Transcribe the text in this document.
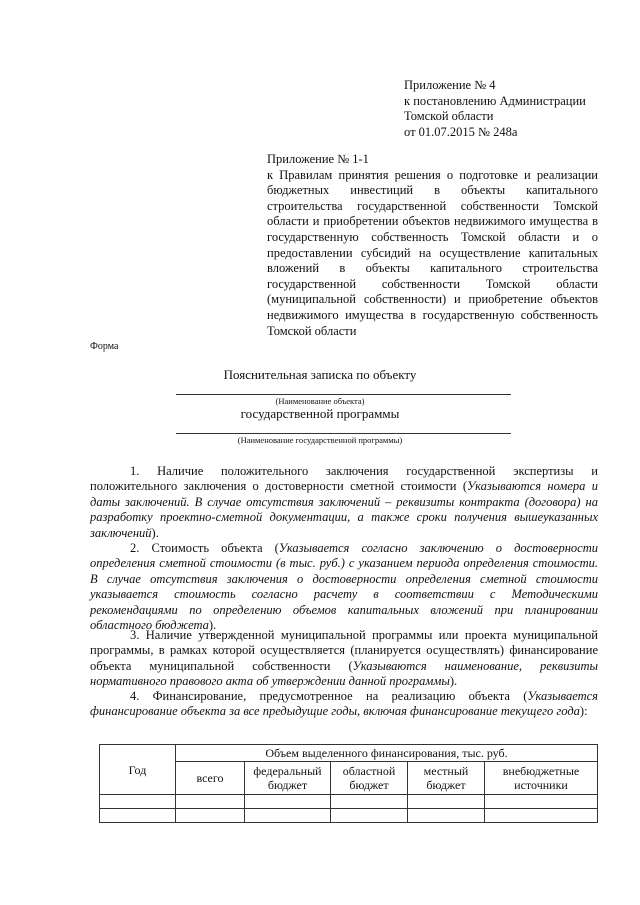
Приложение № 4
к постановлению Администрации
Томской области
от 01.07.2015 № 248а
Приложение № 1-1
к Правилам принятия решения о подготовке и реализации бюджетных инвестиций в объекты капитального строительства государственной собственности Томской области и приобретении объектов недвижимого имущества в государственную собственность Томской области и о предоставлении субсидий на осуществление капитальных вложений в объекты капитального строительства государственной собственности Томской области (муниципальной собственности) и приобретение объектов недвижимого имущества в государственную собственность Томской области
Форма
Пояснительная записка по объекту
(Наименование объекта)
государственной программы
(Наименование государственной программы)

1. Наличие положительного заключения государственной экспертизы и положительного заключения о достоверности сметной стоимости (Указываются номера и даты заключений. В случае отсутствия заключений – реквизиты контракта (договора) на разработку проектно-сметной документации, а также сроки получения вышеуказанных заключений).

2. Стоимость объекта (Указывается согласно заключению о достоверности определения сметной стоимости (в тыс. руб.) с указанием периода определения стоимости. В случае отсутствия заключения о достоверности определения сметной стоимости указывается стоимость согласно расчету в соответствии с Методическими рекомендациями по определению объемов капитальных вложений при планировании областного бюджета).

3. Наличие утвержденной муниципальной программы или проекта муниципальной программы, в рамках которой осуществляется (планируется осуществлять) финансирование объекта муниципальной собственности (Указываются наименование, реквизиты нормативного правового акта об утверждении данной программы).

4. Финансирование, предусмотренное на реализацию объекта (Указывается финансирование объекта за все предыдущие годы, включая финансирование текущего года):

Год	Объем выделенного финансирования, тыс. руб.				
	всего	федеральный бюджет	областной бюджет	местный бюджет	внебюджетные источники
